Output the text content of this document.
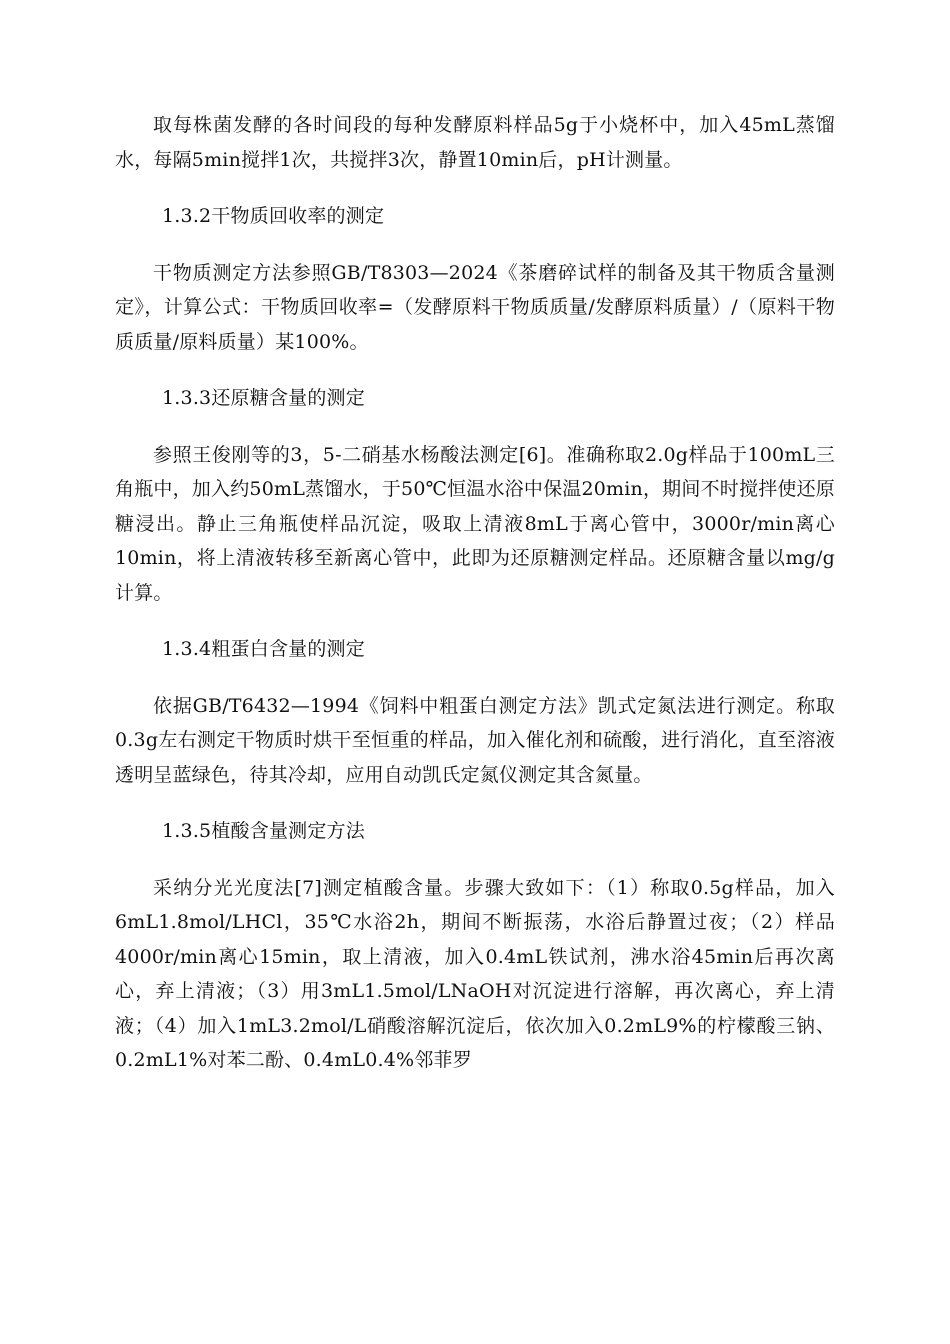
取每株菌发酵的各时间段的每种发酵原料样品5g于小烧杯中，加入45mL蒸馏水，每隔5min搅拌1次，共搅拌3次，静置10min后，pH计测量。

1.3.2干物质回收率的测定

干物质测定方法参照GB/T8303—2024《茶磨碎试样的制备及其干物质含量测定》，计算公式：干物质回收率=（发酵原料干物质质量/发酵原料质量）/（原料干物质质量/原料质量）某100%。

1.3.3还原糖含量的测定

参照王俊刚等的3，5-二硝基水杨酸法测定[6]。准确称取2.0g样品于100mL三角瓶中，加入约50mL蒸馏水，于50℃恒温水浴中保温20min，期间不时搅拌使还原糖浸出。静止三角瓶使样品沉淀，吸取上清液8mL于离心管中，3000r/min离心10min，将上清液转移至新离心管中，此即为还原糖测定样品。还原糖含量以mg/g计算。

1.3.4粗蛋白含量的测定

依据GB/T6432—1994《饲料中粗蛋白测定方法》凯式定氮法进行测定。称取0.3g左右测定干物质时烘干至恒重的样品，加入催化剂和硫酸，进行消化，直至溶液透明呈蓝绿色，待其冷却，应用自动凯氏定氮仪测定其含氮量。

1.3.5植酸含量测定方法

采纳分光光度法[7]测定植酸含量。步骤大致如下：（1）称取0.5g样品，加入6mL1.8mol/LHCl，35℃水浴2h，期间不断振荡，水浴后静置过夜；（2）样品4000r/min离心15min，取上清液，加入0.4mL铁试剂，沸水浴45min后再次离心，弃上清液；（3）用3mL1.5mol/LNaOH对沉淀进行溶解，再次离心，弃上清液；（4）加入1mL3.2mol/L硝酸溶解沉淀后，依次加入0.2mL9%的柠檬酸三钠、0.2mL1%对苯二酚、0.4mL0.4%邻菲罗
